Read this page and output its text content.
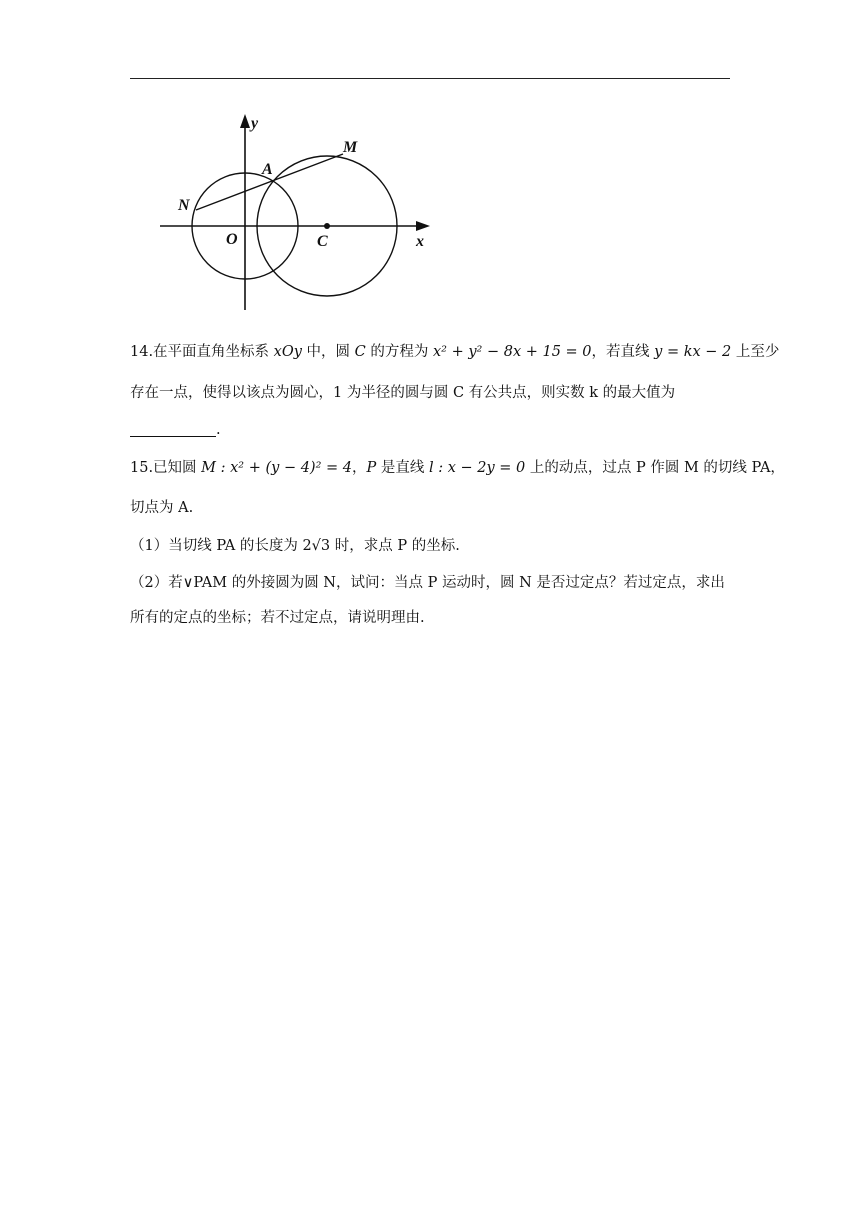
y
x
O	C
A
M
N
14.在平面直角坐标系 xOy 中，圆 C 的方程为 x² + y² − 8x + 15 = 0，若直线 y = kx − 2 上至少
存在一点，使得以该点为圆心，1 为半径的圆与圆 C 有公共点，则实数 k 的最大值为
.
15.已知圆 M : x² + (y − 4)² = 4，P 是直线 l : x − 2y = 0 上的动点，过点 P 作圆 M 的切线 PA，
切点为 A.
（1）当切线 PA 的长度为 2√3 时，求点 P 的坐标.
（2）若∨PAM 的外接圆为圆 N，试问：当点 P 运动时，圆 N 是否过定点？若过定点，求出
所有的定点的坐标；若不过定点，请说明理由.
